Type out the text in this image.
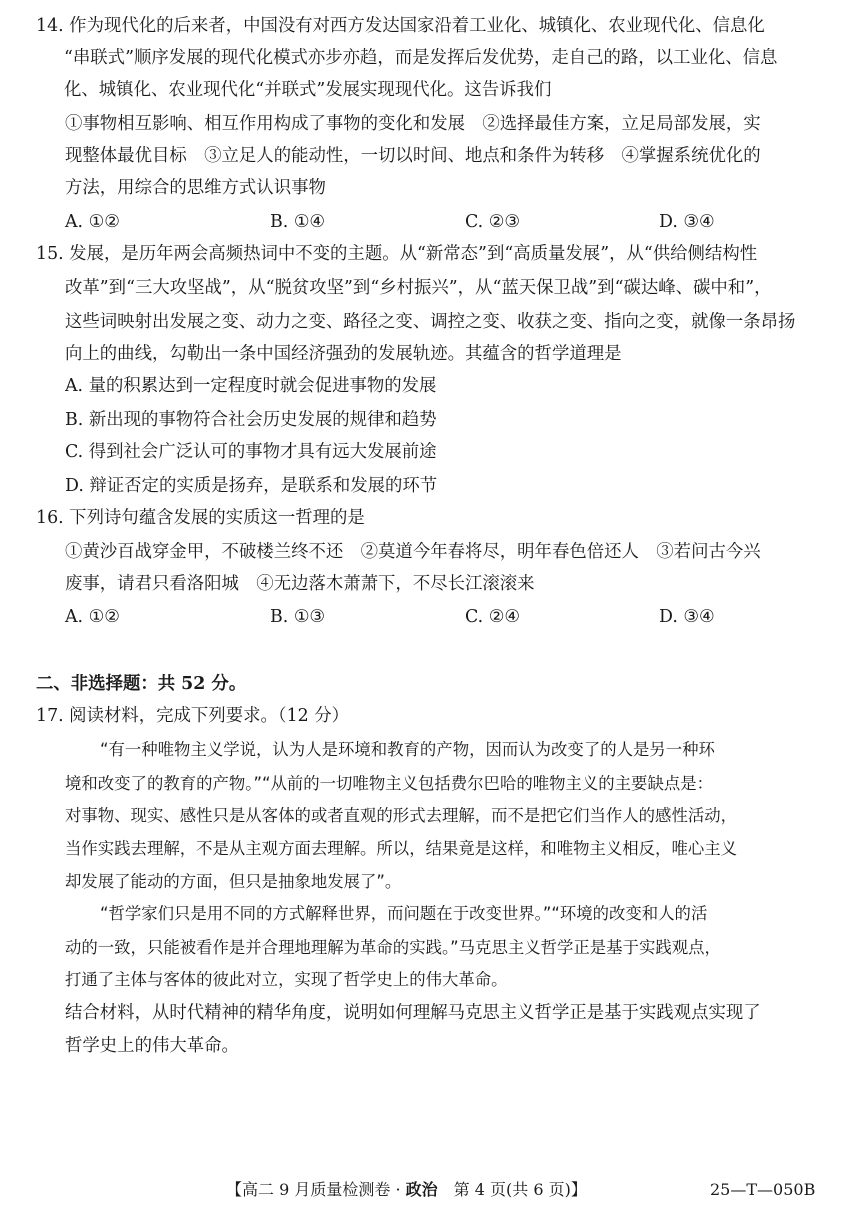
14. 作为现代化的后来者，中国没有对西方发达国家沿着工业化、城镇化、农业现代化、信息化
“串联式”顺序发展的现代化模式亦步亦趋，而是发挥后发优势，走自己的路，以工业化、信息
化、城镇化、农业现代化“并联式”发展实现现代化。这告诉我们
①事物相互影响、相互作用构成了事物的变化和发展　②选择最佳方案，立足局部发展，实
现整体最优目标　③立足人的能动性，一切以时间、地点和条件为转移　④掌握系统优化的
方法，用综合的思维方式认识事物
A. ①②	B. ①④	C. ②③	D. ③④
15. 发展，是历年两会高频热词中不变的主题。从“新常态”到“高质量发展”，从“供给侧结构性
改革”到“三大攻坚战”，从“脱贫攻坚”到“乡村振兴”，从“蓝天保卫战”到“碳达峰、碳中和”，
这些词映射出发展之变、动力之变、路径之变、调控之变、收获之变、指向之变，就像一条昂扬
向上的曲线，勾勒出一条中国经济强劲的发展轨迹。其蕴含的哲学道理是
A. 量的积累达到一定程度时就会促进事物的发展
B. 新出现的事物符合社会历史发展的规律和趋势
C. 得到社会广泛认可的事物才具有远大发展前途
D. 辩证否定的实质是扬弃，是联系和发展的环节
16. 下列诗句蕴含发展的实质这一哲理的是
①黄沙百战穿金甲，不破楼兰终不还　②莫道今年春将尽，明年春色倍还人　③若问古今兴
废事，请君只看洛阳城　④无边落木萧萧下，不尽长江滚滚来
A. ①②	B. ①③	C. ②④	D. ③④
二、非选择题：共 52 分。
17. 阅读材料，完成下列要求。（12 分）
“有一种唯物主义学说，认为人是环境和教育的产物，因而认为改变了的人是另一种环
境和改变了的教育的产物。”“从前的一切唯物主义包括费尔巴哈的唯物主义的主要缺点是：
对事物、现实、感性只是从客体的或者直观的形式去理解，而不是把它们当作人的感性活动，
当作实践去理解，不是从主观方面去理解。所以，结果竟是这样，和唯物主义相反，唯心主义
却发展了能动的方面，但只是抽象地发展了”。
“哲学家们只是用不同的方式解释世界，而问题在于改变世界。”“环境的改变和人的活
动的一致，只能被看作是并合理地理解为革命的实践。”马克思主义哲学正是基于实践观点，
打通了主体与客体的彼此对立，实现了哲学史上的伟大革命。
结合材料，从时代精神的精华角度，说明如何理解马克思主义哲学正是基于实践观点实现了
哲学史上的伟大革命。
【高二 9 月质量检测卷 · 政治　第 4 页(共 6 页)】	25—T—050B
